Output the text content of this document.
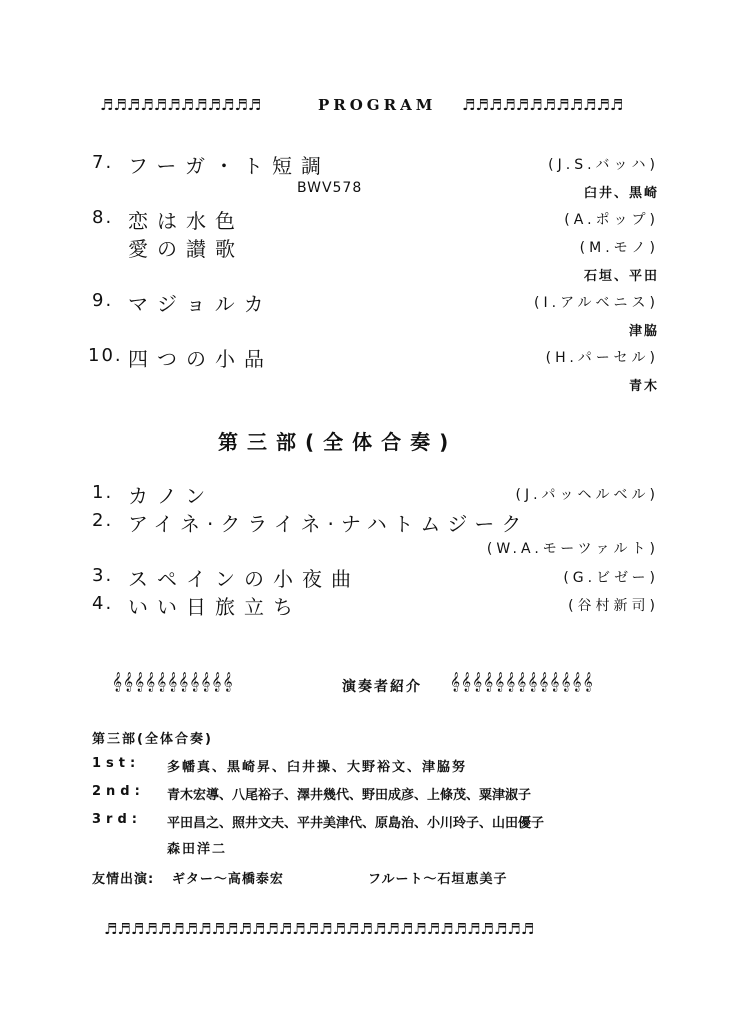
♬♬♬♬♬♬♬♬♬♬♬♬	PROGRAM ♬♬♬♬♬♬♬♬♬♬♬♬
7. フーガ・ト短調	(J.S.バッハ)
BWV578	臼井、黒崎
8. 恋は水色	(A.ポップ)
愛の讃歌	(M.モノ)
石垣、平田
9. マジョルカ	(I.アルベニス)
津脇
10. 四つの小品	(H.パーセル)
青木
第三部(全体合奏)
1. カノン	(J.パッヘルベル)
2. アイネ·クライネ·ナハトムジーク
(W.A.モーツァルト)
3. スペインの小夜曲	(G.ビゼー)
4. いい日旅立ち	(谷村新司)
𝄞𝄞𝄞𝄞𝄞𝄞𝄞𝄞𝄞𝄞𝄞	演奏者紹介 𝄞𝄞𝄞𝄞𝄞𝄞𝄞𝄞𝄞𝄞𝄞𝄞𝄞
第三部(全体合奏)
1st: 多幡真、黒崎昇、臼井操、大野裕文、津脇努
2nd: 青木宏導、八尾裕子、澤井幾代、野田成彦、上條茂、粟津淑子
3rd: 平田昌之、照井文夫、平井美津代、原島治、小川玲子、山田優子
森田洋二
友情出演: ギター〜高橋泰宏	フルート〜石垣恵美子
♬♬♬♬♬♬♬♬♬♬♬♬♬♬♬♬♬♬♬♬♬♬♬♬♬♬♬♬♬♬♬♬
